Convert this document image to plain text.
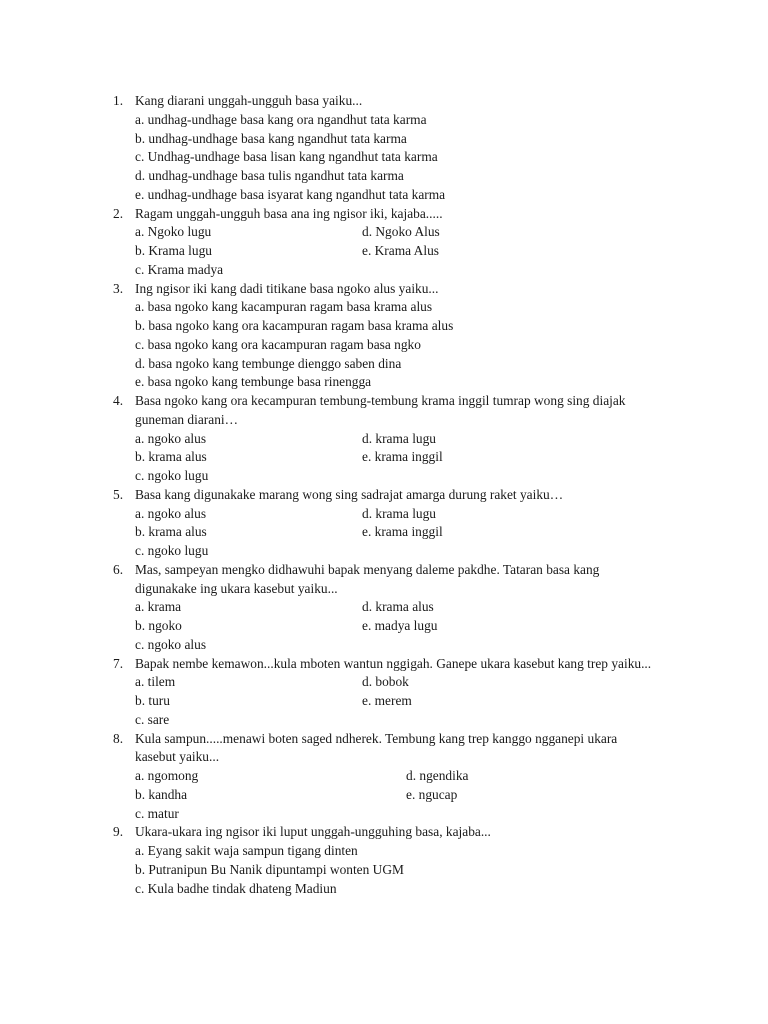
1. Kang diarani unggah-ungguh basa yaiku...
a. undhag-undhage basa kang ora ngandhut tata karma
b. undhag-undhage basa kang ngandhut tata karma
c. Undhag-undhage basa lisan kang ngandhut tata karma
d. undhag-undhage basa tulis ngandhut tata karma
e. undhag-undhage basa isyarat kang ngandhut tata karma
2. Ragam unggah-ungguh basa ana ing ngisor iki, kajaba.....
a. Ngoko lugu	d. Ngoko Alus
b. Krama lugu	e. Krama Alus
c. Krama madya
3. Ing ngisor iki kang dadi titikane basa ngoko alus yaiku...
a. basa ngoko kang kacampuran ragam basa krama alus
b. basa ngoko kang ora kacampuran ragam basa krama alus
c. basa ngoko kang ora kacampuran ragam basa ngko
d. basa ngoko kang tembunge dienggo saben dina
e. basa ngoko kang tembunge basa rinengga
4. Basa ngoko kang ora kecampuran tembung-tembung krama inggil tumrap wong sing diajak
guneman diarani…
a. ngoko alus	d. krama lugu
b. krama alus	e. krama inggil
c. ngoko lugu
5. Basa kang digunakake marang wong sing sadrajat amarga durung raket yaiku…
a. ngoko alus	d. krama lugu
b. krama alus	e. krama inggil
c. ngoko lugu
6. Mas, sampeyan mengko didhawuhi bapak menyang daleme pakdhe. Tataran basa kang
digunakake ing ukara kasebut yaiku...
a. krama	d. krama alus
b. ngoko	e. madya lugu
c. ngoko alus
7. Bapak nembe kemawon...kula mboten wantun nggigah. Ganepe ukara kasebut kang trep yaiku...
a. tilem	d. bobok
b. turu	e. merem
c. sare
8. Kula sampun.....menawi boten saged ndherek. Tembung kang trep kanggo ngganepi ukara
kasebut yaiku...
a. ngomong	d. ngendika
b. kandha	e. ngucap
c. matur
9. Ukara-ukara ing ngisor iki luput unggah-ungguhing basa, kajaba...
a. Eyang sakit waja sampun tigang dinten
b. Putranipun Bu Nanik dipuntampi wonten UGM
c. Kula badhe tindak dhateng Madiun
